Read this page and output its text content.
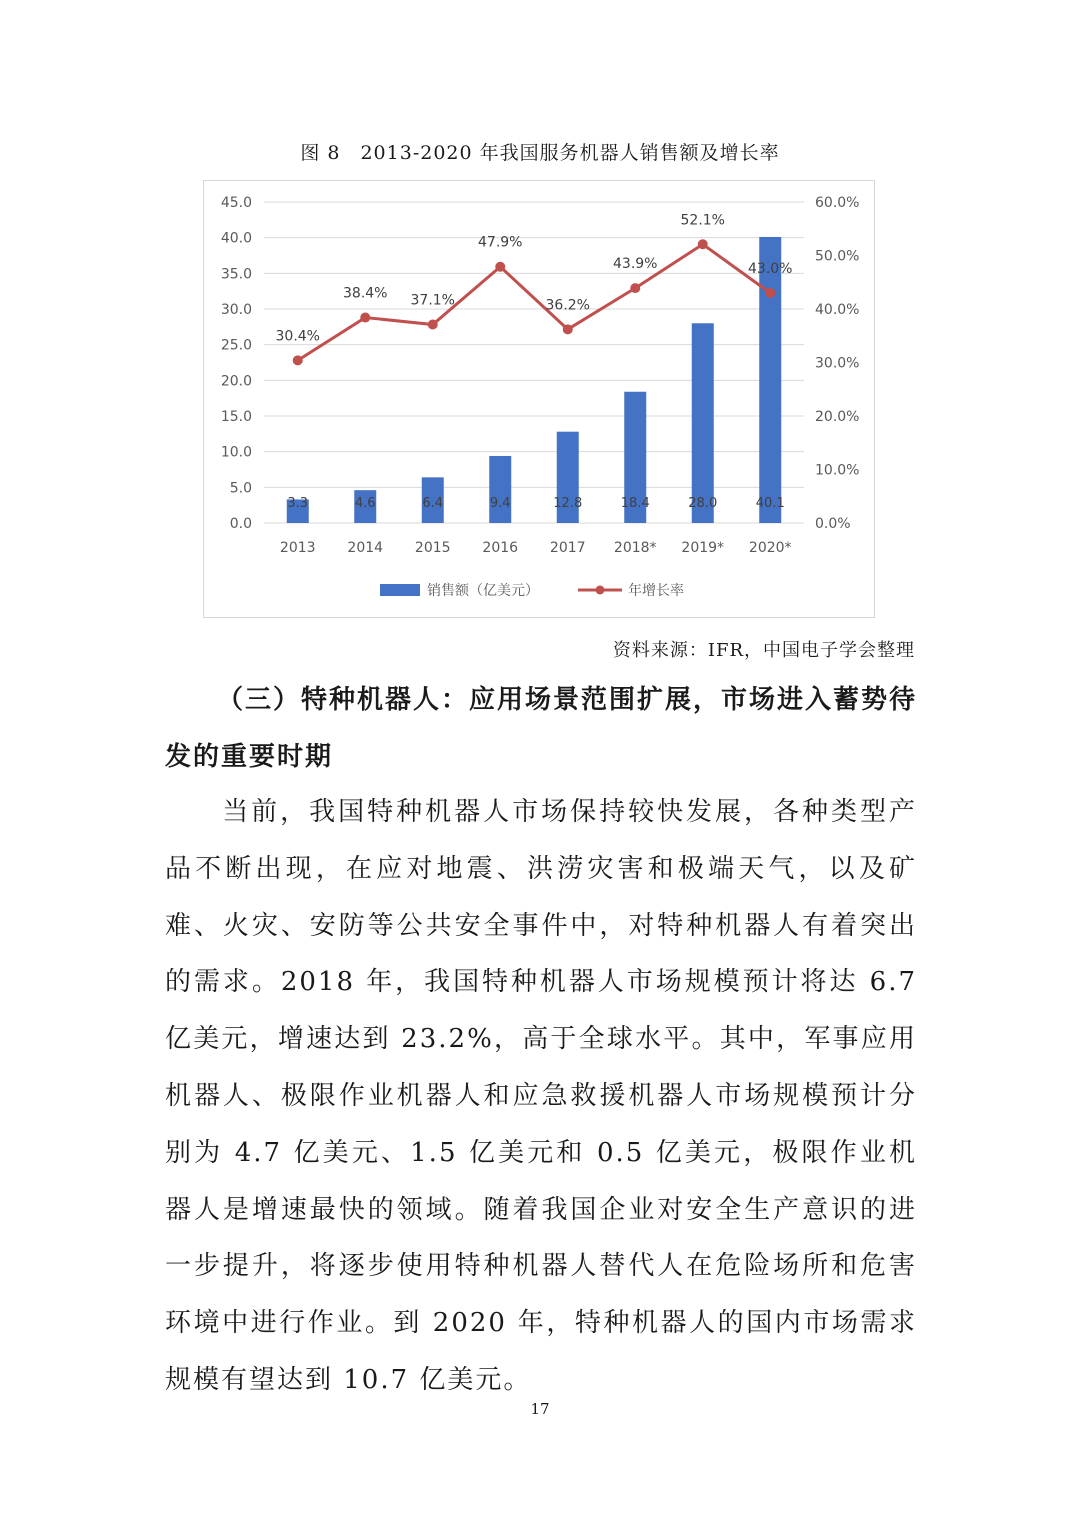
图 8　2013-2020 年我国服务机器人销售额及增长率
0.0
5.0
10.0
15.0
20.0
25.0
30.0
35.0
40.0
45.0
0.0%
10.0%
20.0%
30.0%
40.0%
50.0%
60.0%
3.3	4.6	6.4	9.4	12.8	18.4	28.0	40.1
2013 2014 2015 2016 2017 2018* 2019* 2020*
30.4%
38.4% 37.1%
47.9%
36.2%
43.9%
52.1%
43.0%
销售额（亿美元）	年增长率
资料来源：IFR，中国电子学会整理
（三）特种机器人：应用场景范围扩展，市场进入蓄势待发的重要时期
当前，我国特种机器人市场保持较快发展，各种类型产品不断出现，在应对地震、洪涝灾害和极端天气，以及矿难、火灾、安防等公共安全事件中，对特种机器人有着突出的需求。2018 年，我国特种机器人市场规模预计将达 6.7 亿美元，增速达到 23.2%，高于全球水平。其中，军事应用机器人、极限作业机器人和应急救援机器人市场规模预计分别为 4.7 亿美元、1.5 亿美元和 0.5 亿美元，极限作业机器人是增速最快的领域。随着我国企业对安全生产意识的进一步提升，将逐步使用特种机器人替代人在危险场所和危害环境中进行作业。到 2020 年，特种机器人的国内市场需求规模有望达到 10.7 亿美元。
17
